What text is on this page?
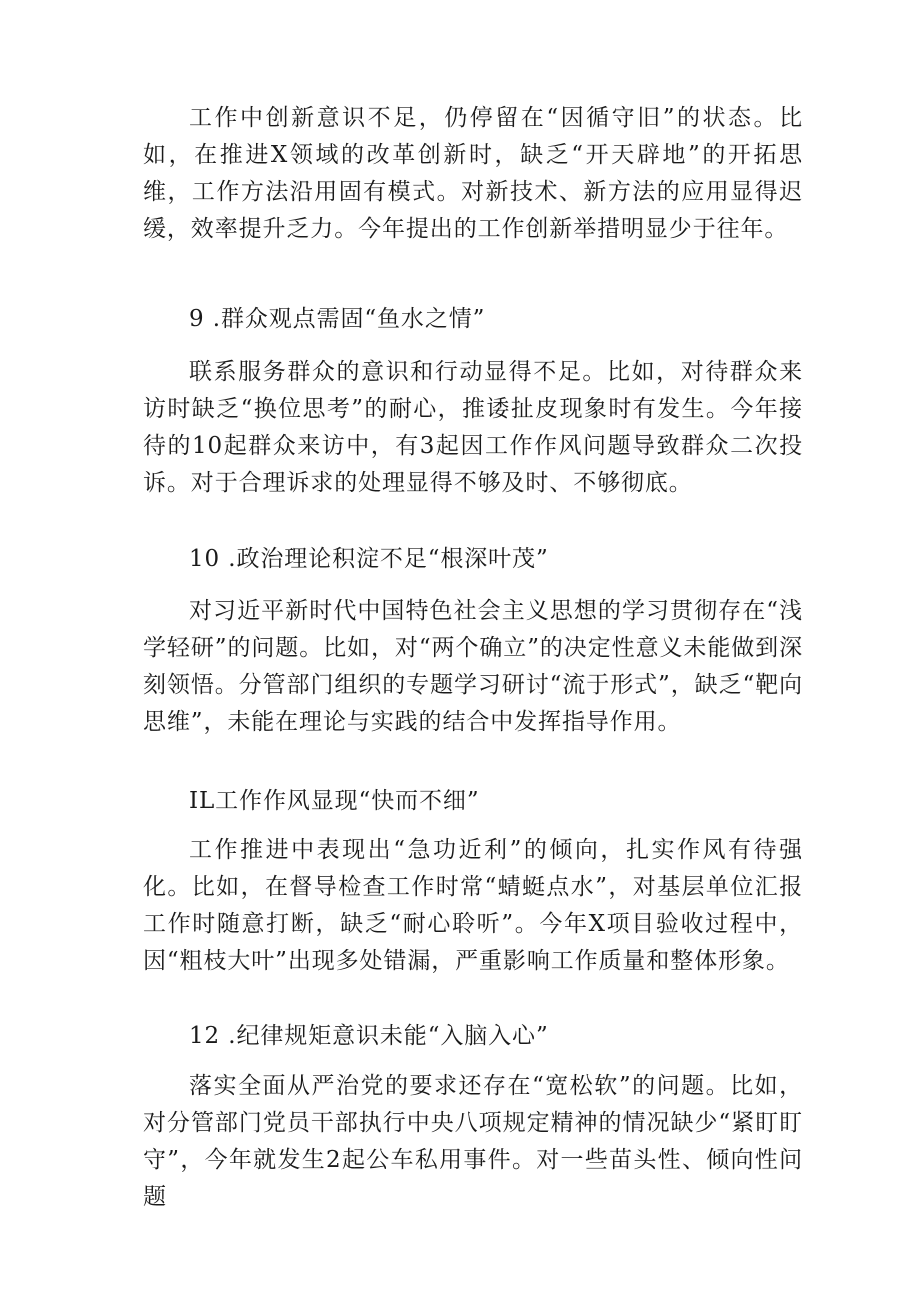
工作中创新意识不足，仍停留在“因循守旧”的状态。比如，在推进X领域的改革创新时，缺乏“开天辟地”的开拓思维，工作方法沿用固有模式。对新技术、新方法的应用显得迟缓，效率提升乏力。今年提出的工作创新举措明显少于往年。

9 .群众观点需固“鱼水之情”

联系服务群众的意识和行动显得不足。比如，对待群众来访时缺乏“换位思考”的耐心，推诿扯皮现象时有发生。今年接待的10起群众来访中，有3起因工作作风问题导致群众二次投诉。对于合理诉求的处理显得不够及时、不够彻底。

10 .政治理论积淀不足“根深叶茂”

对习近平新时代中国特色社会主义思想的学习贯彻存在“浅学轻研”的问题。比如，对“两个确立”的决定性意义未能做到深刻领悟。分管部门组织的专题学习研讨“流于形式”，缺乏“靶向思维”，未能在理论与实践的结合中发挥指导作用。

IL工作作风显现“快而不细”

工作推进中表现出“急功近利”的倾向，扎实作风有待强化。比如，在督导检查工作时常“蜻蜓点水”，对基层单位汇报工作时随意打断，缺乏“耐心聆听”。今年X项目验收过程中，因“粗枝大叶”出现多处错漏，严重影响工作质量和整体形象。

12 .纪律规矩意识未能“入脑入心”

落实全面从严治党的要求还存在“宽松软”的问题。比如，对分管部门党员干部执行中央八项规定精神的情况缺少“紧盯盯守”，今年就发生2起公车私用事件。对一些苗头性、倾向性问题
